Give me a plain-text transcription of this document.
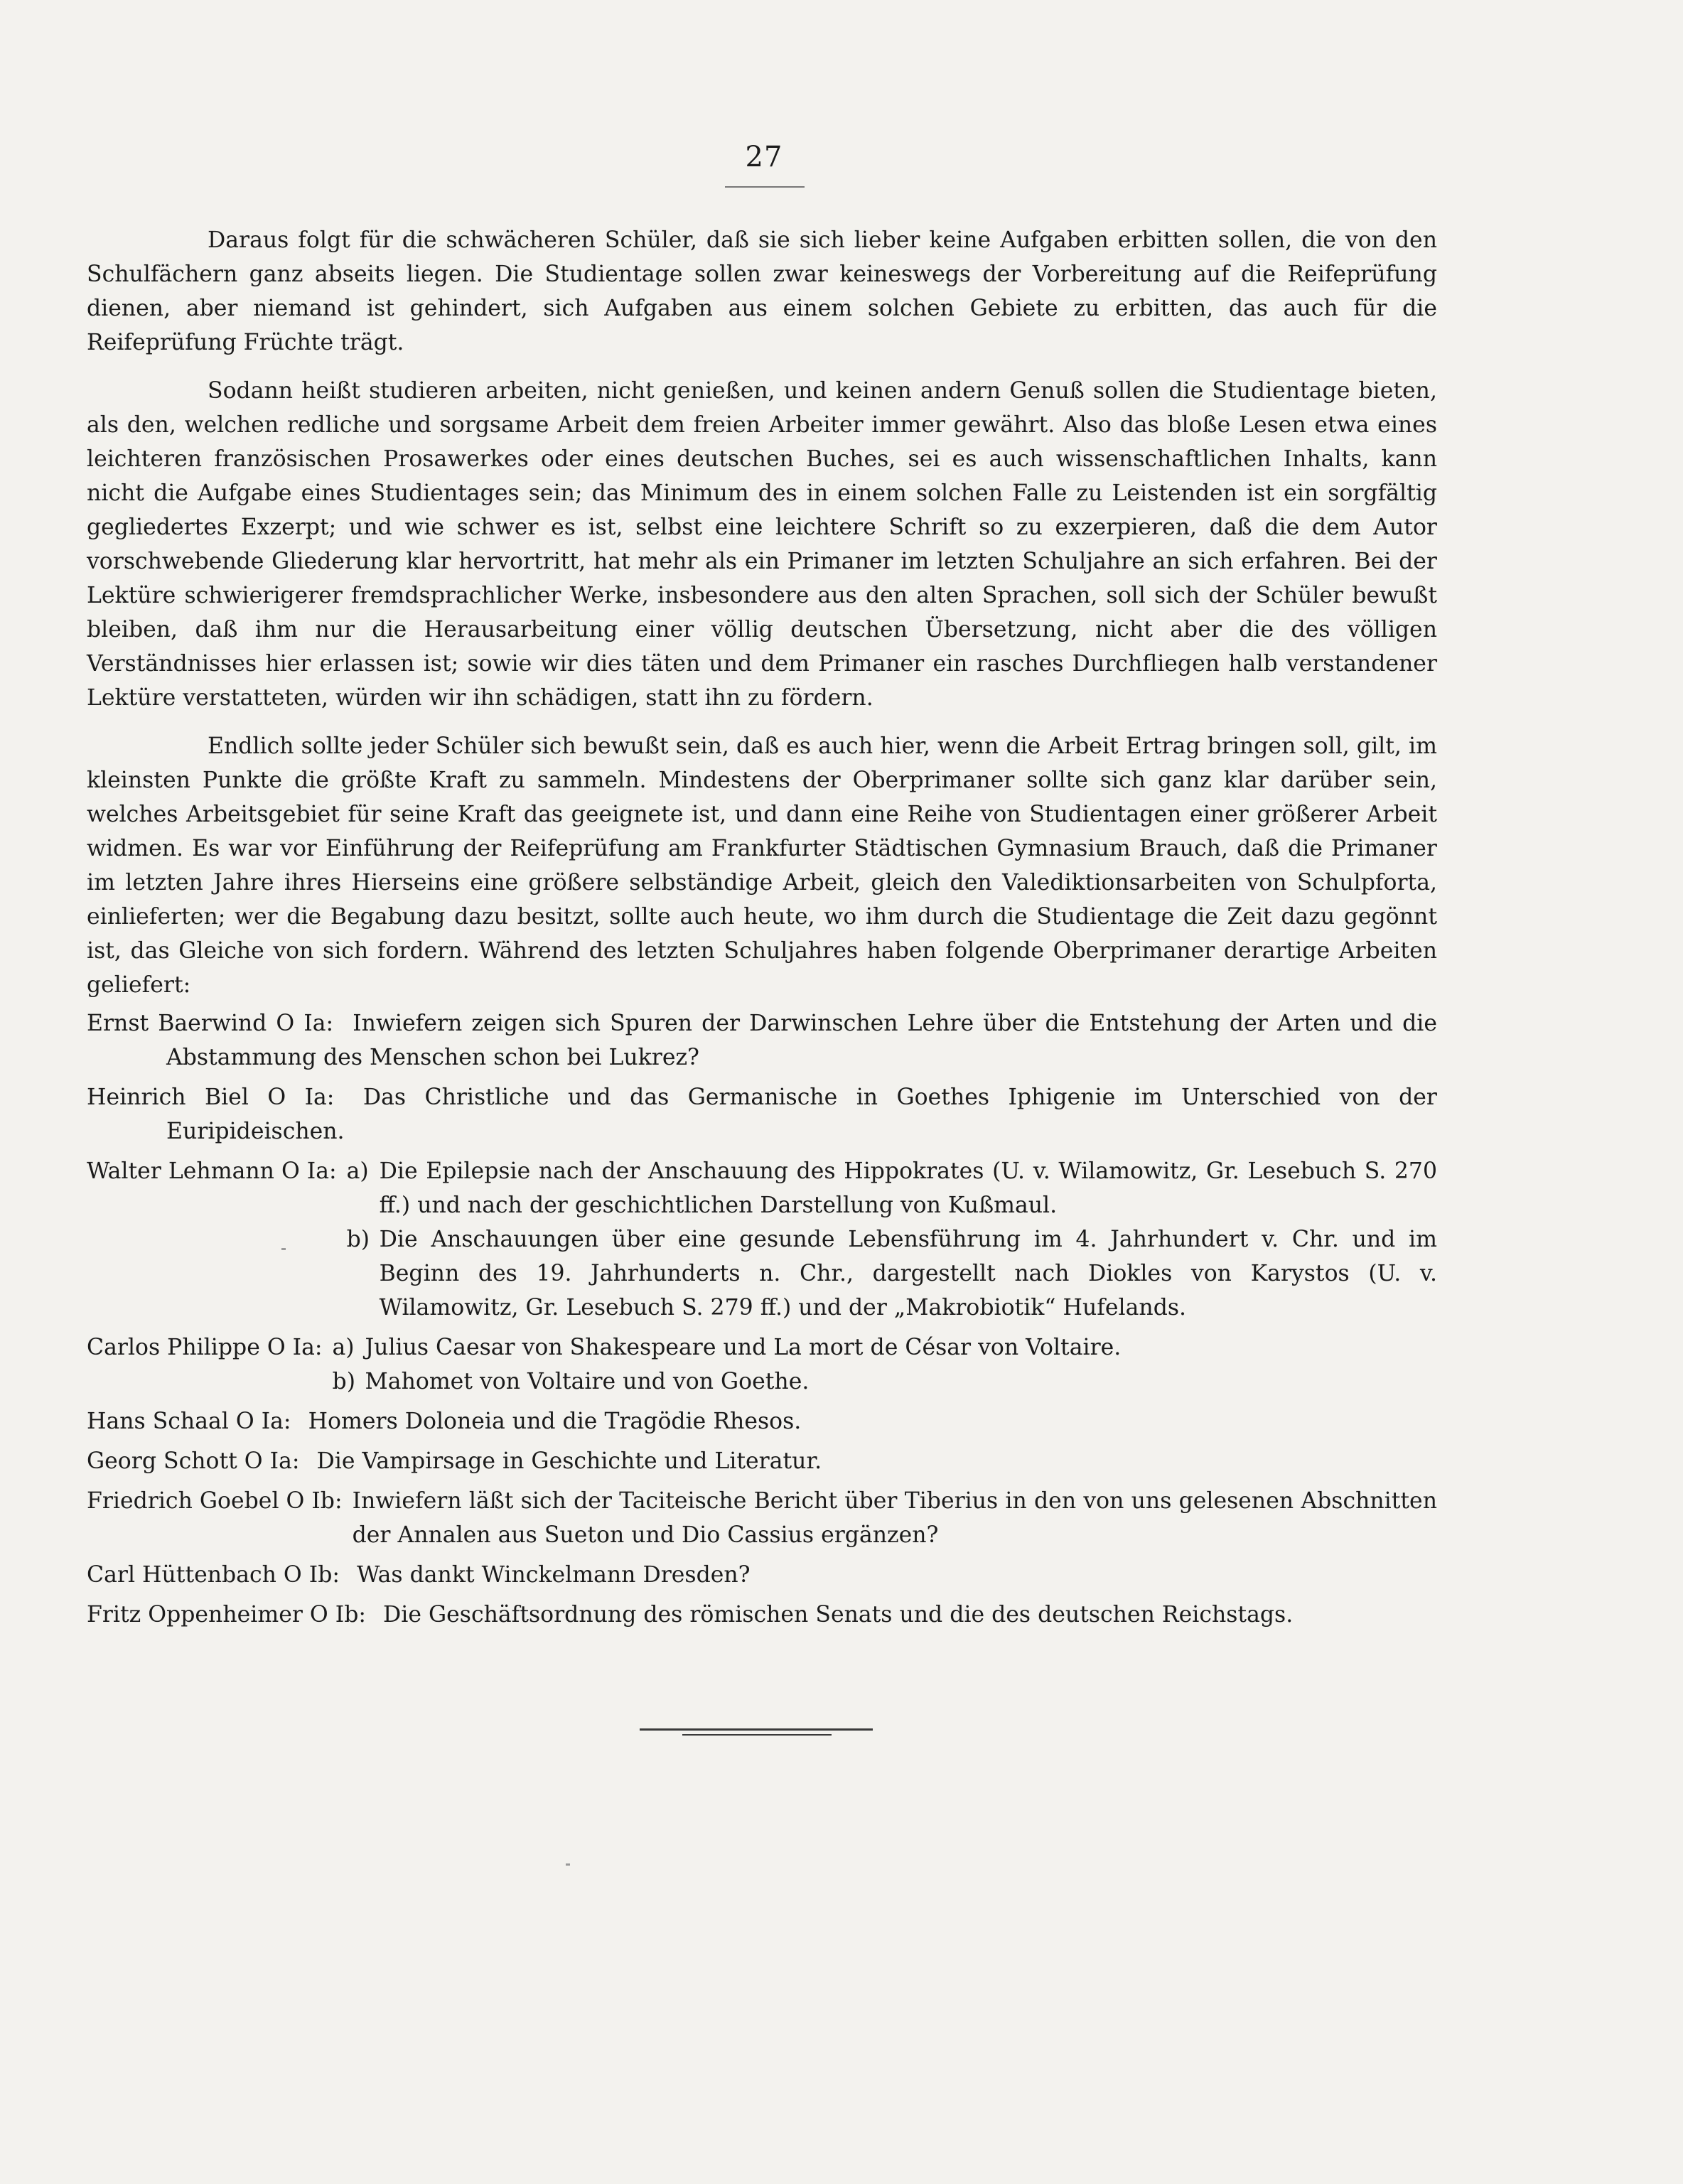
27

Daraus folgt für die schwächeren Schüler, daß sie sich lieber keine Aufgaben erbitten sollen, die von den Schulfächern ganz abseits liegen. Die Studientage sollen zwar keineswegs der Vorbereitung auf die Reifeprüfung dienen, aber niemand ist gehindert, sich Aufgaben aus einem solchen Gebiete zu erbitten, das auch für die Reifeprüfung Früchte trägt.

Sodann heißt studieren arbeiten, nicht genießen, und keinen andern Genuß sollen die Studientage bieten, als den, welchen redliche und sorgsame Arbeit dem freien Arbeiter immer gewährt. Also das bloße Lesen etwa eines leichteren französischen Prosawerkes oder eines deutschen Buches, sei es auch wissenschaftlichen Inhalts, kann nicht die Aufgabe eines Studientages sein; das Minimum des in einem solchen Falle zu Leistenden ist ein sorgfältig gegliedertes Exzerpt; und wie schwer es ist, selbst eine leichtere Schrift so zu exzerpieren, daß die dem Autor vorschwebende Gliederung klar hervortritt, hat mehr als ein Primaner im letzten Schuljahre an sich erfahren. Bei der Lektüre schwierigerer fremdsprachlicher Werke, insbesondere aus den alten Sprachen, soll sich der Schüler bewußt bleiben, daß ihm nur die Herausarbeitung einer völlig deutschen Übersetzung, nicht aber die des völligen Verständnisses hier erlassen ist; sowie wir dies täten und dem Primaner ein rasches Durchfliegen halb verstandener Lektüre verstatteten, würden wir ihn schädigen, statt ihn zu fördern.

Endlich sollte jeder Schüler sich bewußt sein, daß es auch hier, wenn die Arbeit Ertrag bringen soll, gilt, im kleinsten Punkte die größte Kraft zu sammeln. Mindestens der Oberprimaner sollte sich ganz klar darüber sein, welches Arbeitsgebiet für seine Kraft das geeignete ist, und dann eine Reihe von Studientagen einer größerer Arbeit widmen. Es war vor Einführung der Reifeprüfung am Frankfurter Städtischen Gymnasium Brauch, daß die Primaner im letzten Jahre ihres Hierseins eine größere selbständige Arbeit, gleich den Valediktionsarbeiten von Schulpforta, einlieferten; wer die Begabung dazu besitzt, sollte auch heute, wo ihm durch die Studientage die Zeit dazu gegönnt ist, das Gleiche von sich fordern. Während des letzten Schuljahres haben folgende Oberprimaner derartige Arbeiten geliefert:

Ernst Baerwind O Ia: Inwiefern zeigen sich Spuren der Darwinschen Lehre über die Entstehung der Arten und die Abstammung des Menschen schon bei Lukrez?
Heinrich Biel O Ia: Das Christliche und das Germanische in Goethes Iphigenie im Unterschied von der Euripideischen.
Walter Lehmann O Ia: a) Die Epilepsie nach der Anschauung des Hippokrates (U. v. Wilamowitz, Gr. Lesebuch S. 270 ff.) und nach der geschichtlichen Darstellung von Kußmaul.
b) Die Anschauungen über eine gesunde Lebensführung im 4. Jahrhundert v. Chr. und im Beginn des 19. Jahrhunderts n. Chr., dargestellt nach Diokles von Karystos (U. v. Wilamowitz, Gr. Lesebuch S. 279 ff.) und der „Makrobiotik“ Hufelands.
Carlos Philippe O Ia: a) Julius Caesar von Shakespeare und La mort de César von Voltaire.
b) Mahomet von Voltaire und von Goethe.
Hans Schaal O Ia: Homers Doloneia und die Tragödie Rhesos.
Georg Schott O Ia: Die Vampirsage in Geschichte und Literatur.
Friedrich Goebel O Ib: Inwiefern läßt sich der Taciteische Bericht über Tiberius in den von uns gelesenen Abschnitten der Annalen aus Sueton und Dio Cassius ergänzen?
Carl Hüttenbach O Ib: Was dankt Winckelmann Dresden?
Fritz Oppenheimer O Ib: Die Geschäftsordnung des römischen Senats und die des deutschen Reichstags.
